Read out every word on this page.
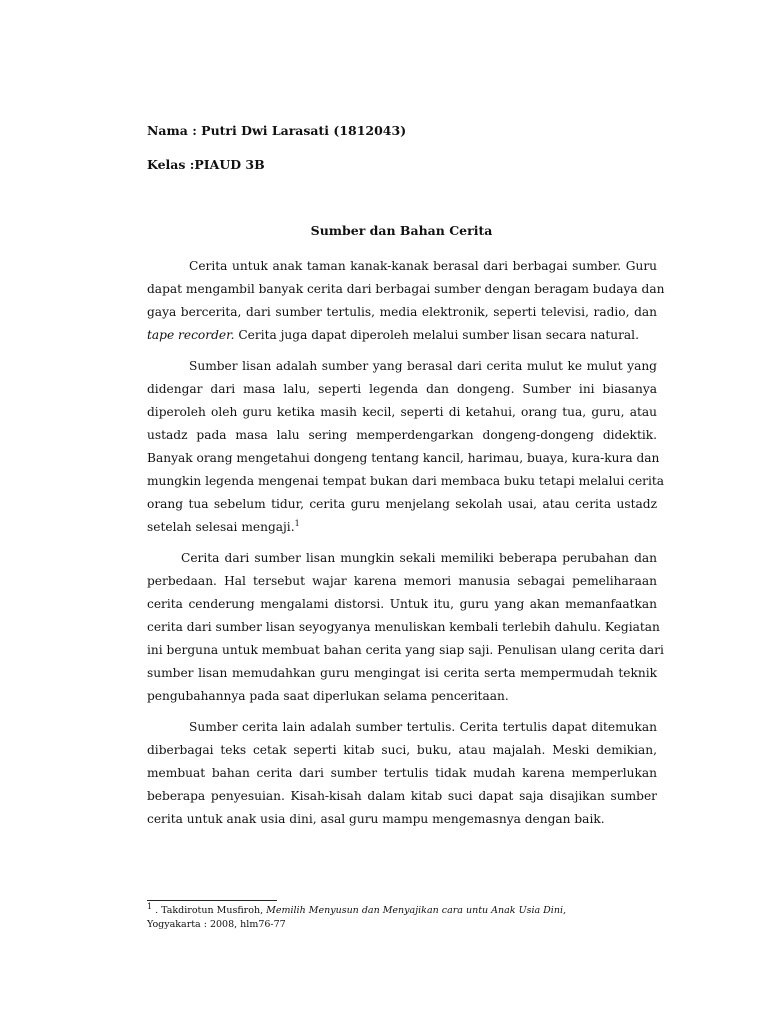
Nama : Putri Dwi Larasati (1812043)
Kelas :PIAUD 3B
Sumber dan Bahan Cerita
Cerita untuk anak taman kanak-kanak berasal dari berbagai sumber. Guru
dapat mengambil banyak cerita dari berbagai sumber dengan beragam budaya dan
gaya bercerita, dari sumber tertulis, media elektronik, seperti televisi, radio, dan
tape recorder. Cerita juga dapat diperoleh melalui sumber lisan secara natural.
Sumber lisan adalah sumber yang berasal dari cerita mulut ke mulut yang
didengar dari masa lalu, seperti legenda dan dongeng. Sumber ini biasanya
diperoleh oleh guru ketika masih kecil, seperti di ketahui, orang tua, guru, atau
ustadz pada masa lalu sering memperdengarkan dongeng-dongeng didektik.
Banyak orang mengetahui dongeng tentang kancil, harimau, buaya, kura-kura dan
mungkin legenda mengenai tempat bukan dari membaca buku tetapi melalui cerita
orang tua sebelum tidur, cerita guru menjelang sekolah usai, atau cerita ustadz
setelah selesai mengaji.$^1$
Cerita dari sumber lisan mungkin sekali memiliki beberapa perubahan dan
perbedaan. Hal tersebut wajar karena memori manusia sebagai pemeliharaan
cerita cenderung mengalami distorsi. Untuk itu, guru yang akan memanfaatkan
cerita dari sumber lisan seyogyanya menuliskan kembali terlebih dahulu. Kegiatan
ini berguna untuk membuat bahan cerita yang siap saji. Penulisan ulang cerita dari
sumber lisan memudahkan guru mengingat isi cerita serta mempermudah teknik
pengubahannya pada saat diperlukan selama penceritaan.
Sumber cerita lain adalah sumber tertulis. Cerita tertulis dapat ditemukan
diberbagai teks cetak seperti kitab suci, buku, atau majalah. Meski demikian,
membuat bahan cerita dari sumber tertulis tidak mudah karena memperlukan
beberapa penyesuian. Kisah-kisah dalam kitab suci dapat saja disajikan sumber
cerita untuk anak usia dini, asal guru mampu mengemasnya dengan baik.
$^1$ . Takdirotun Musfiroh, Memilih Menyusun dan Menyajikan cara untu Anak Usia Dini,
Yogyakarta : 2008, hlm76-77
